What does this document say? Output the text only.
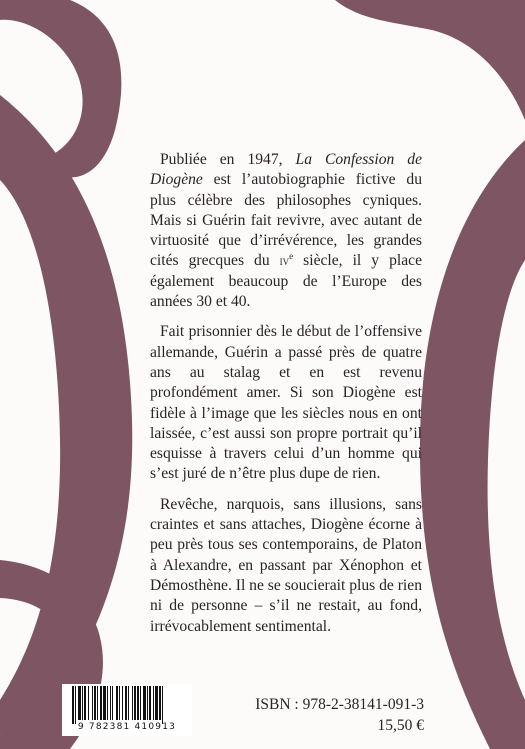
Publiée en 1947, La Confession de Diogène est l’autobiographie fictive du plus célèbre des philosophes cyniques. Mais si Guérin fait revivre, avec autant de virtuosité que d’irrévérence, les grandes cités grecques du $iv^e$ siècle, il y place également beaucoup de l’Europe des années 30 et 40.

Fait prisonnier dès le début de l’offensive allemande, Guérin a passé près de quatre ans au stalag et en est revenu profondément amer. Si son Diogène est fidèle à l’image que les siècles nous en ont laissée, c’est aussi son propre portrait qu’il esquisse à travers celui d’un homme qui s’est juré de n’être plus dupe de rien.

Revêche, narquois, sans illusions, sans craintes et sans attaches, Diogène écorne à peu près tous ses contemporains, de Platon à Alexandre, en passant par Xénophon et Démosthène. Il ne se soucierait plus de rien ni de personne – s’il ne restait, au fond, irrévocablement sentimental.

9 782381 410913
ISBN : 978-2-38141-091-3
15,50 €
